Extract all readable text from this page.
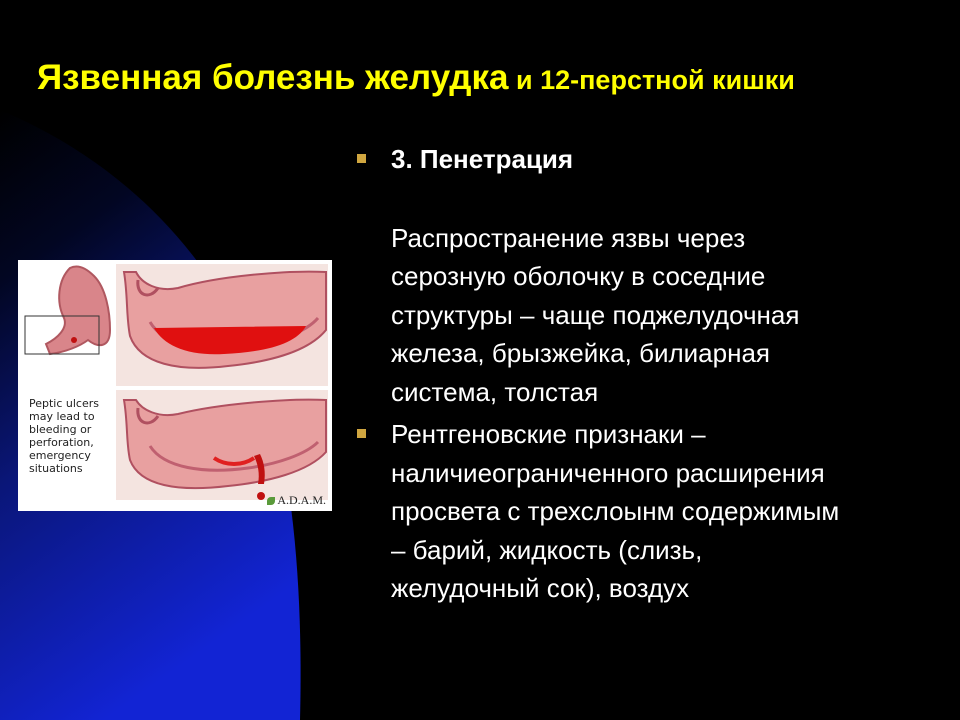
Язвенная болезнь желудка и 12-перстной кишки
Peptic ulcers
may lead to
bleeding or
perforation,
emergency
situations
A.D.A.M.
3. Пенетрация
Распространение язвы через
серозную оболочку в соседние
структуры – чаще поджелудочная
железа, брызжейка, билиарная
система, толстая
Рентгеновские признаки –
наличиеограниченного расширения
просвета с трехслоынм содержимым
– барий, жидкость (слизь,
желудочный сок), воздух
